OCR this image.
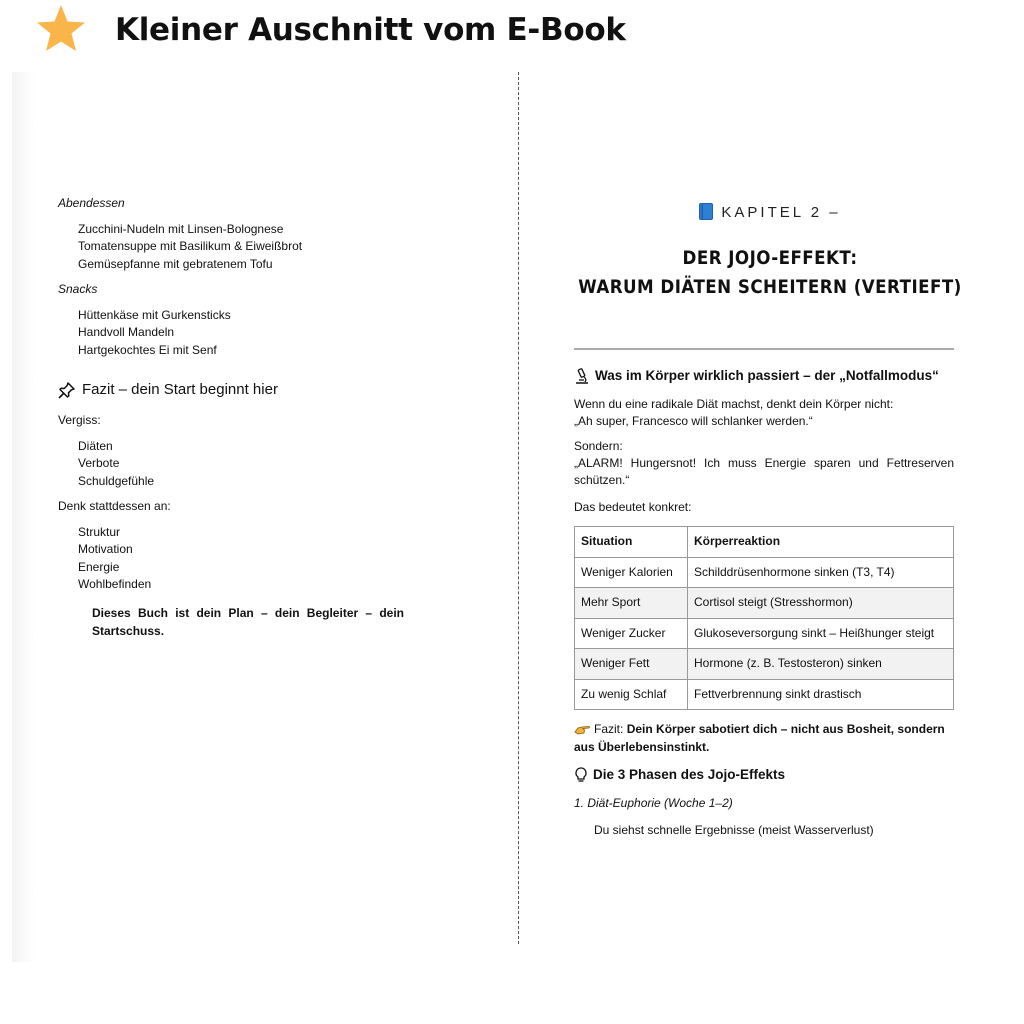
Kleiner Auschnitt vom E-Book
Abendessen
Zucchini-Nudeln mit Linsen-Bolognese
Tomatensuppe mit Basilikum & Eiweißbrot
Gemüsepfanne mit gebratenem Tofu
Snacks
Hüttenkäse mit Gurkensticks
Handvoll Mandeln
Hartgekochtes Ei mit Senf
Fazit – dein Start beginnt hier
Vergiss:
Diäten
Verbote
Schuldgefühle
Denk stattdessen an:
Struktur
Motivation
Energie
Wohlbefinden
Dieses Buch ist dein Plan – dein Begleiter – dein Startschuss.
KAPITEL 2 –
DER JOJO-EFFEKT:
WARUM DIÄTEN SCHEITERN (VERTIEFT)
Was im Körper wirklich passiert – der „Notfallmodus“
Wenn du eine radikale Diät machst, denkt dein Körper nicht:
„Ah super, Francesco will schlanker werden.“
Sondern:
„ALARM! Hungersnot! Ich muss Energie sparen und Fettreserven schützen.“
Das bedeutet konkret:
Situation	Körperreaktion
Weniger Kalorien	Schilddrüsenhormone sinken (T3, T4)
Mehr Sport	Cortisol steigt (Stresshormon)
Weniger Zucker	Glukoseversorgung sinkt – Heißhunger steigt
Weniger Fett	Hormone (z. B. Testosteron) sinken
Zu wenig Schlaf	Fettverbrennung sinkt drastisch
Fazit: Dein Körper sabotiert dich – nicht aus Bosheit, sondern aus Überlebensinstinkt.
Die 3 Phasen des Jojo-Effekts
1. Diät-Euphorie (Woche 1–2)
Du siehst schnelle Ergebnisse (meist Wasserverlust)
